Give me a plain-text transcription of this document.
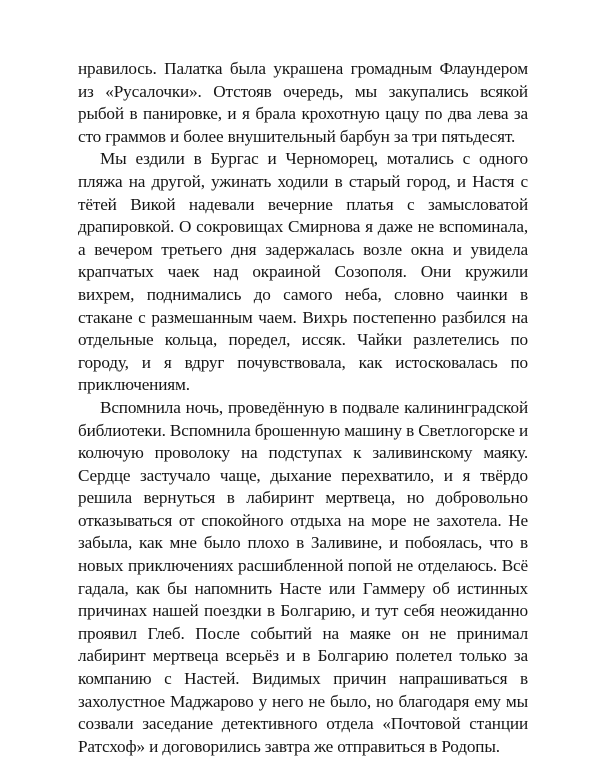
нравилось. Палатка была украшена громадным Флаундером из «Русалочки». Отстояв очередь, мы закупались всякой рыбой в панировке, и я брала крохотную цацу по два лева за сто граммов и более внушительный барбун за три пятьдесят.

Мы ездили в Бургас и Черноморец, мотались с одного пляжа на другой, ужинать ходили в старый город, и Настя с тётей Викой надевали вечерние платья с замысловатой драпировкой. О сокровищах Смирнова я даже не вспоминала, а вечером третьего дня задержалась возле окна и увидела крапчатых чаек над окраиной Созополя. Они кружили вихрем, поднимались до самого неба, словно чаинки в стакане с размешанным чаем. Вихрь постепенно разбился на отдельные кольца, поредел, иссяк. Чайки разлетелись по городу, и я вдруг почувствовала, как истосковалась по приключениям.

Вспомнила ночь, проведённую в подвале калининградской библиотеки. Вспомнила брошенную машину в Светлогорске и колючую проволоку на подступах к заливинскому маяку. Сердце застучало чаще, дыхание перехватило, и я твёрдо решила вернуться в лабиринт мертвеца, но добровольно отказываться от спокойного отдыха на море не захотела. Не забыла, как мне было плохо в Заливине, и побоялась, что в новых приключениях расшибленной попой не отделаюсь. Всё гадала, как бы напомнить Насте или Гаммеру об истинных причинах нашей поездки в Болгарию, и тут себя неожиданно проявил Глеб. После событий на маяке он не принимал лабиринт мертвеца всерьёз и в Болгарию полетел только за компанию с Настей. Видимых причин напрашиваться в захолустное Маджарово у него не было, но благодаря ему мы созвали заседание детективного отдела «Почтовой станции Ратсхоф» и договорились завтра же отправиться в Родопы.
